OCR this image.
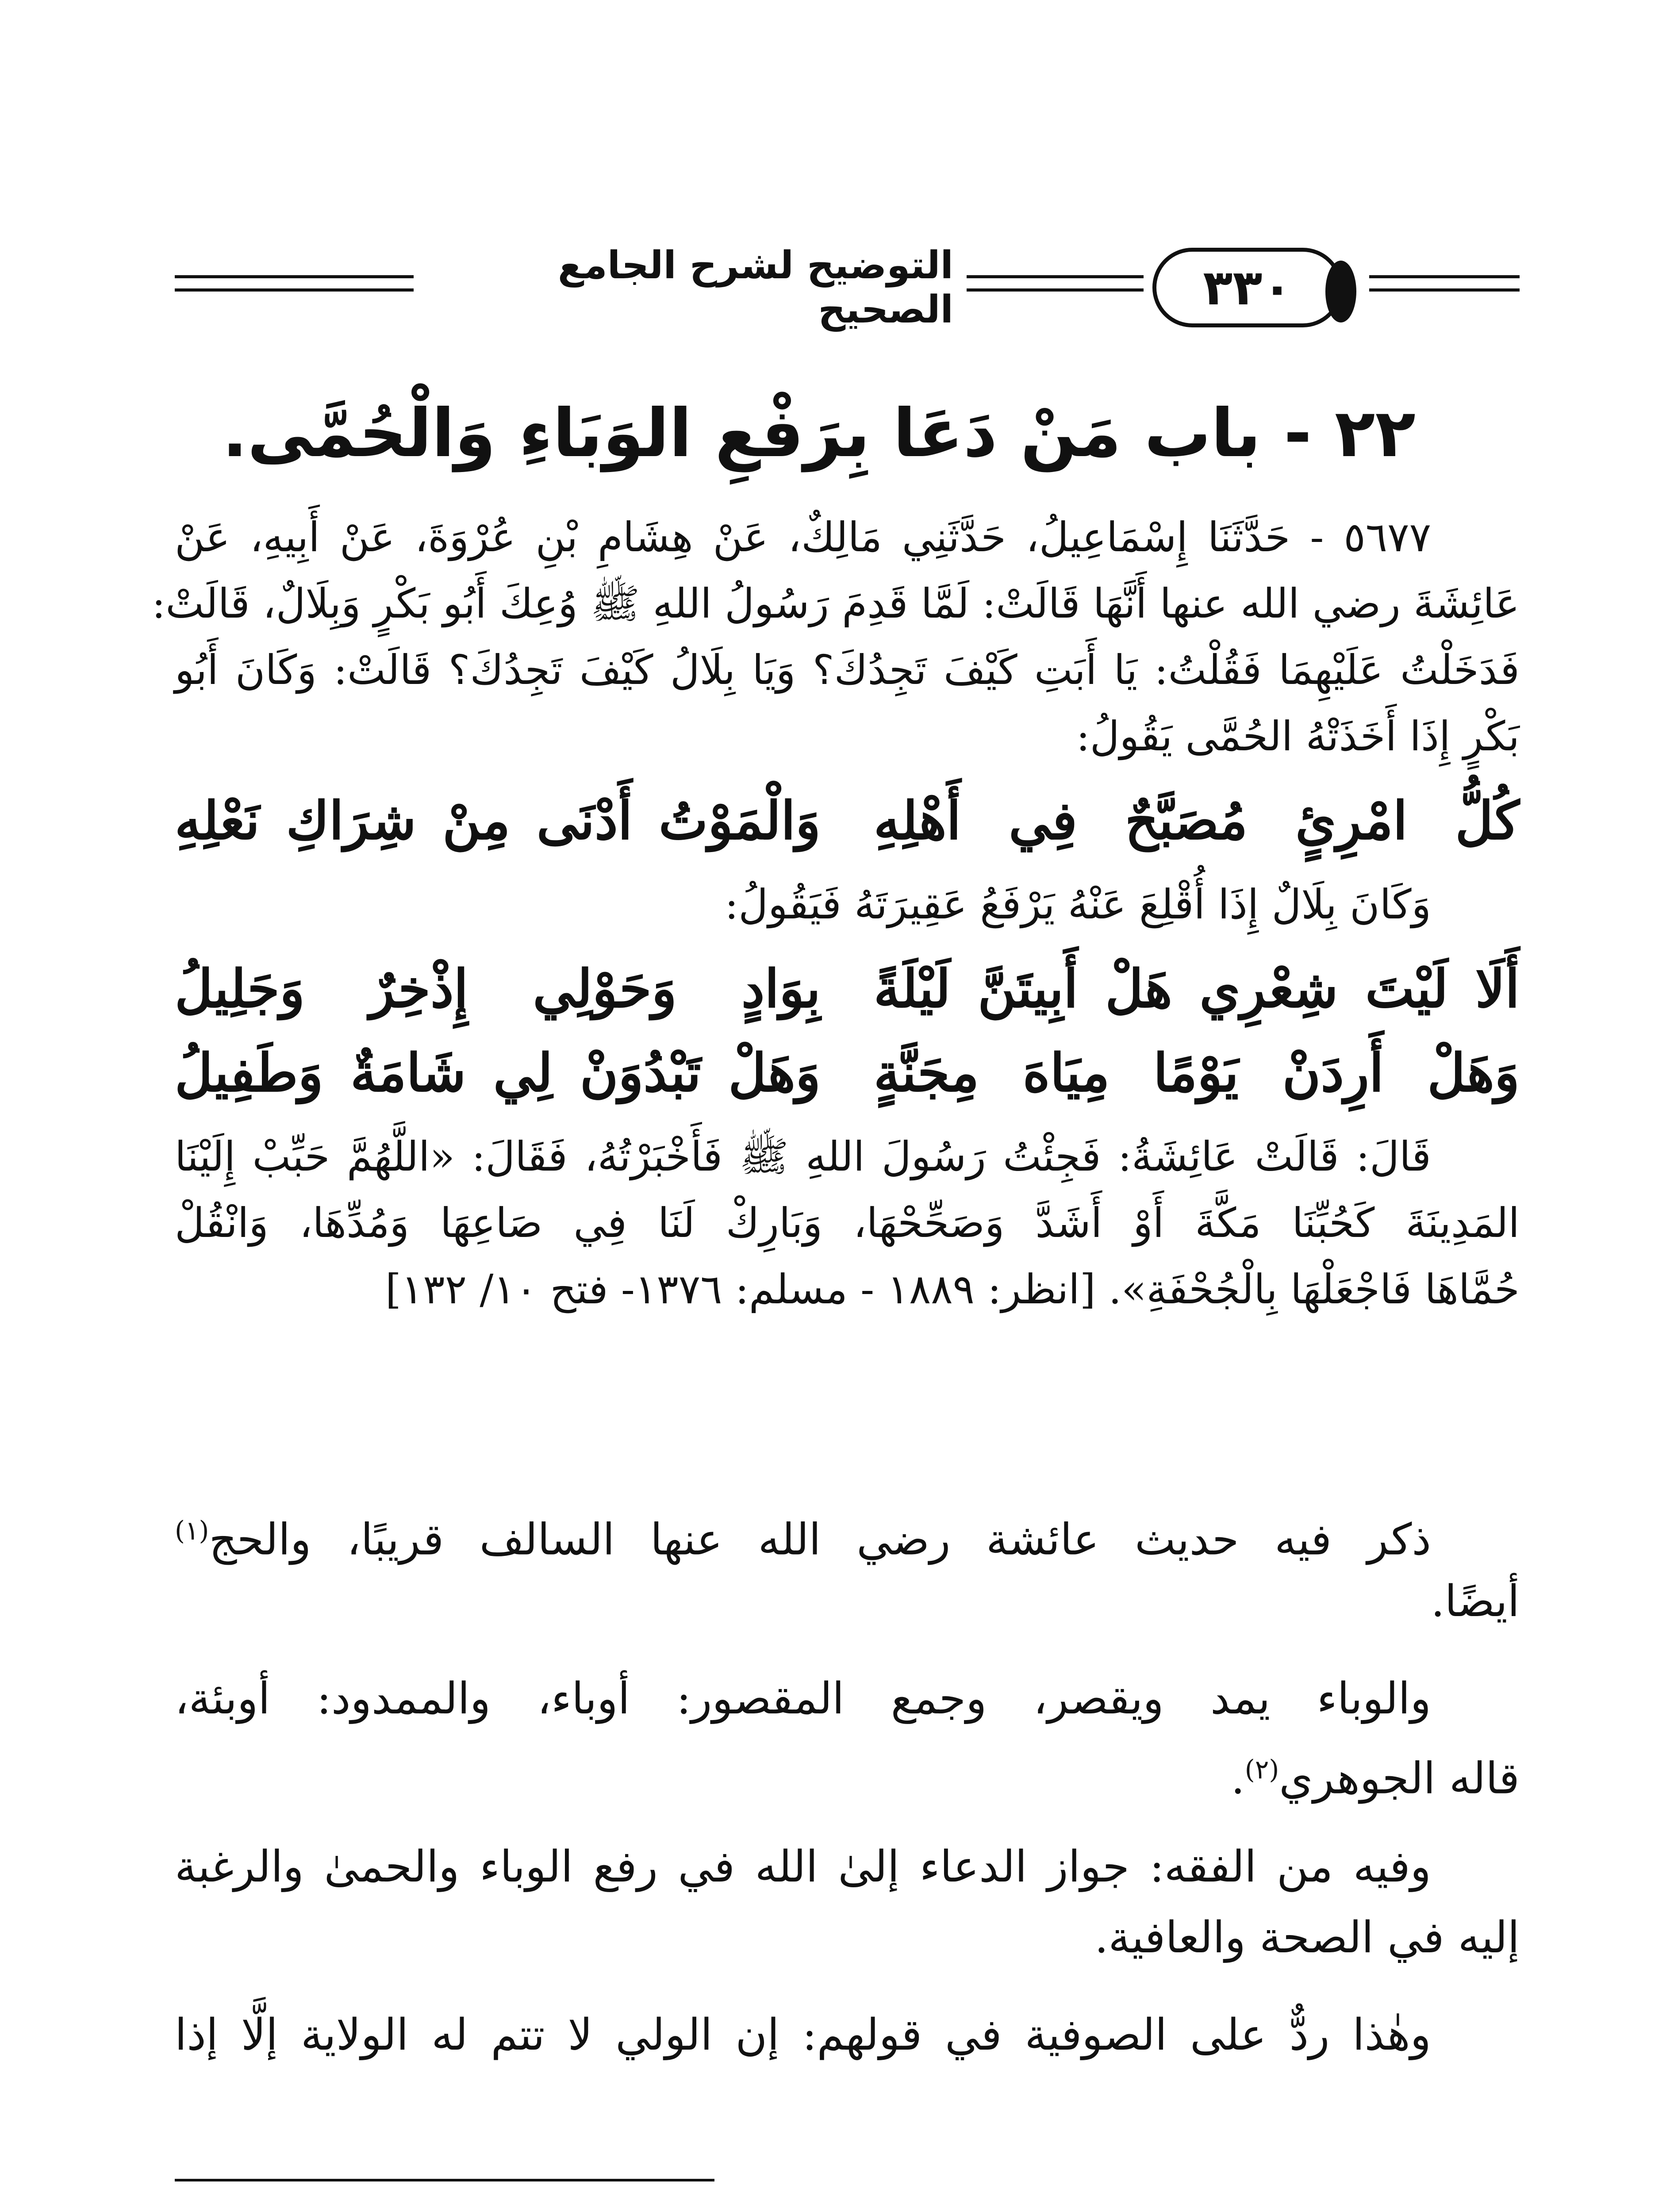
التوضيح لشرح الجامع الصحيح	٣٣٠
٢٢ - باب مَنْ دَعَا بِرَفْعِ الوَبَاءِ وَالْحُمَّى.
٥٦٧٧ - حَدَّثَنَا إِسْمَاعِيلُ، حَدَّثَنِي مَالِكٌ، عَنْ هِشَامِ بْنِ عُرْوَةَ، عَنْ أَبِيهِ، عَنْ
عَائِشَةَ رضي الله عنها أَنَّهَا قَالَتْ: لَمَّا قَدِمَ رَسُولُ اللهِ ﷺ وُعِكَ أَبُو بَكْرٍ وَبِلَالٌ، قَالَتْ:
فَدَخَلْتُ عَلَيْهِمَا فَقُلْتُ: يَا أَبَتِ كَيْفَ تَجِدُكَ؟ وَيَا بِلَالُ كَيْفَ تَجِدُكَ؟ قَالَتْ: وَكَانَ أَبُو
بَكْرٍ إِذَا أَخَذَتْهُ الحُمَّى يَقُولُ:
كُلُّ امْرِئٍ مُصَبَّحٌ فِي أَهْلِهِ
وَالْمَوْتُ أَدْنَى مِنْ شِرَاكِ نَعْلِهِ
وَكَانَ بِلَالٌ إِذَا أُقْلِعَ عَنْهُ يَرْفَعُ عَقِيرَتَهُ فَيَقُولُ:
أَلَا لَيْتَ شِعْرِي هَلْ أَبِيتَنَّ لَيْلَةً
بِوَادٍ وَحَوْلِي إِذْخِرٌ وَجَلِيلُ
وَهَلْ أَرِدَنْ يَوْمًا مِيَاهَ مِجَنَّةٍ
وَهَلْ تَبْدُوَنْ لِي شَامَةٌ وَطَفِيلُ
قَالَ: قَالَتْ عَائِشَةُ: فَجِئْتُ رَسُولَ اللهِ ﷺ فَأَخْبَرْتُهُ، فَقَالَ: «اللَّهُمَّ حَبِّبْ إِلَيْنَا
المَدِينَةَ كَحُبِّنَا مَكَّةَ أَوْ أَشَدَّ وَصَحِّحْهَا، وَبَارِكْ لَنَا فِي صَاعِهَا وَمُدِّهَا، وَانْقُلْ
حُمَّاهَا فَاجْعَلْهَا بِالْجُحْفَةِ». [انظر: ١٨٨٩ - مسلم: ١٣٧٦- فتح ١٠/ ١٣٢]
ذكر فيه حديث عائشة رضي الله عنها السالف قريبًا، والحج$^{(١)}$
أيضًا.
والوباء يمد ويقصر، وجمع المقصور: أوباء، والممدود: أوبئة،
قاله الجوهري$^{(٢)}$.
وفيه من الفقه: جواز الدعاء إلىٰ الله في رفع الوباء والحمىٰ والرغبة
إليه في الصحة والعافية.
وهٰذا ردٌّ على الصوفية في قولهم: إن الولي لا تتم له الولاية إلَّا إذا
